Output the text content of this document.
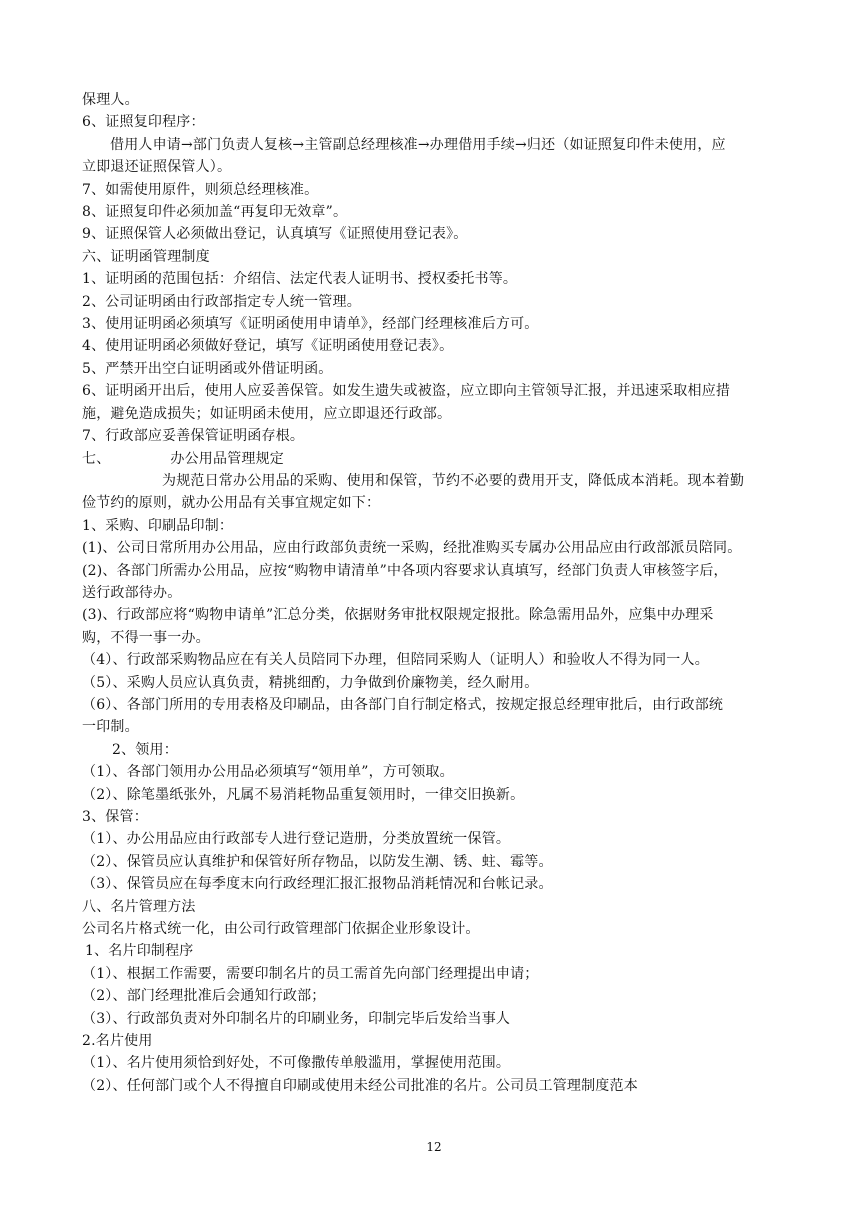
保理人。
6、证照复印程序：
借用人申请→部门负责人复核→主管副总经理核准→办理借用手续→归还（如证照复印件未使用，应
立即退还证照保管人）。
7、如需使用原件，则须总经理核准。
8、证照复印件必须加盖“再复印无效章”。
9、证照保管人必须做出登记，认真填写《证照使用登记表》。
六、证明函管理制度
1、证明函的范围包括：介绍信、法定代表人证明书、授权委托书等。
2、公司证明函由行政部指定专人统一管理。
3、使用证明函必须填写《证明函使用申请单》，经部门经理核准后方可。
4、使用证明函必须做好登记，填写《证明函使用登记表》。
5、严禁开出空白证明函或外借证明函。
6、证明函开出后，使用人应妥善保管。如发生遗失或被盗，应立即向主管领导汇报，并迅速采取相应措
施，避免造成损失；如证明函未使用，应立即退还行政部。
7、行政部应妥善保管证明函存根。
七、	办公用品管理规定
为规范日常办公用品的采购、使用和保管，节约不必要的费用开支，降低成本消耗。现本着勤
俭节约的原则，就办公用品有关事宜规定如下：
1、采购、印刷品印制：
(1)、公司日常所用办公用品，应由行政部负责统一采购，经批准购买专属办公用品应由行政部派员陪同。
(2)、各部门所需办公用品，应按“购物申请清单”中各项内容要求认真填写，经部门负责人审核签字后，
送行政部待办。
(3)、行政部应将“购物申请单”汇总分类，依据财务审批权限规定报批。除急需用品外，应集中办理采
购，不得一事一办。
（4）、行政部采购物品应在有关人员陪同下办理，但陪同采购人（证明人）和验收人不得为同一人。
（5）、采购人员应认真负责，精挑细酌，力争做到价廉物美，经久耐用。
（6）、各部门所用的专用表格及印刷品，由各部门自行制定格式，按规定报总经理审批后，由行政部统
一印制。
2、领用：
（1）、各部门领用办公用品必须填写“领用单”，方可领取。
（2）、除笔墨纸张外，凡属不易消耗物品重复领用时，一律交旧换新。
3、保管：
（1）、办公用品应由行政部专人进行登记造册，分类放置统一保管。
（2）、保管员应认真维护和保管好所存物品，以防发生潮、锈、蛀、霉等。
（3）、保管员应在每季度末向行政经理汇报汇报物品消耗情况和台帐记录。
八、名片管理方法
公司名片格式统一化，由公司行政管理部门依据企业形象设计。
1、名片印制程序
（1）、根据工作需要，需要印制名片的员工需首先向部门经理提出申请；
（2）、部门经理批准后会通知行政部；
（3）、行政部负责对外印制名片的印刷业务，印制完毕后发给当事人
2.名片使用
（1）、名片使用须恰到好处，不可像撒传单般滥用，掌握使用范围。
（2）、任何部门或个人不得擅自印刷或使用未经公司批准的名片。公司员工管理制度范本
12
